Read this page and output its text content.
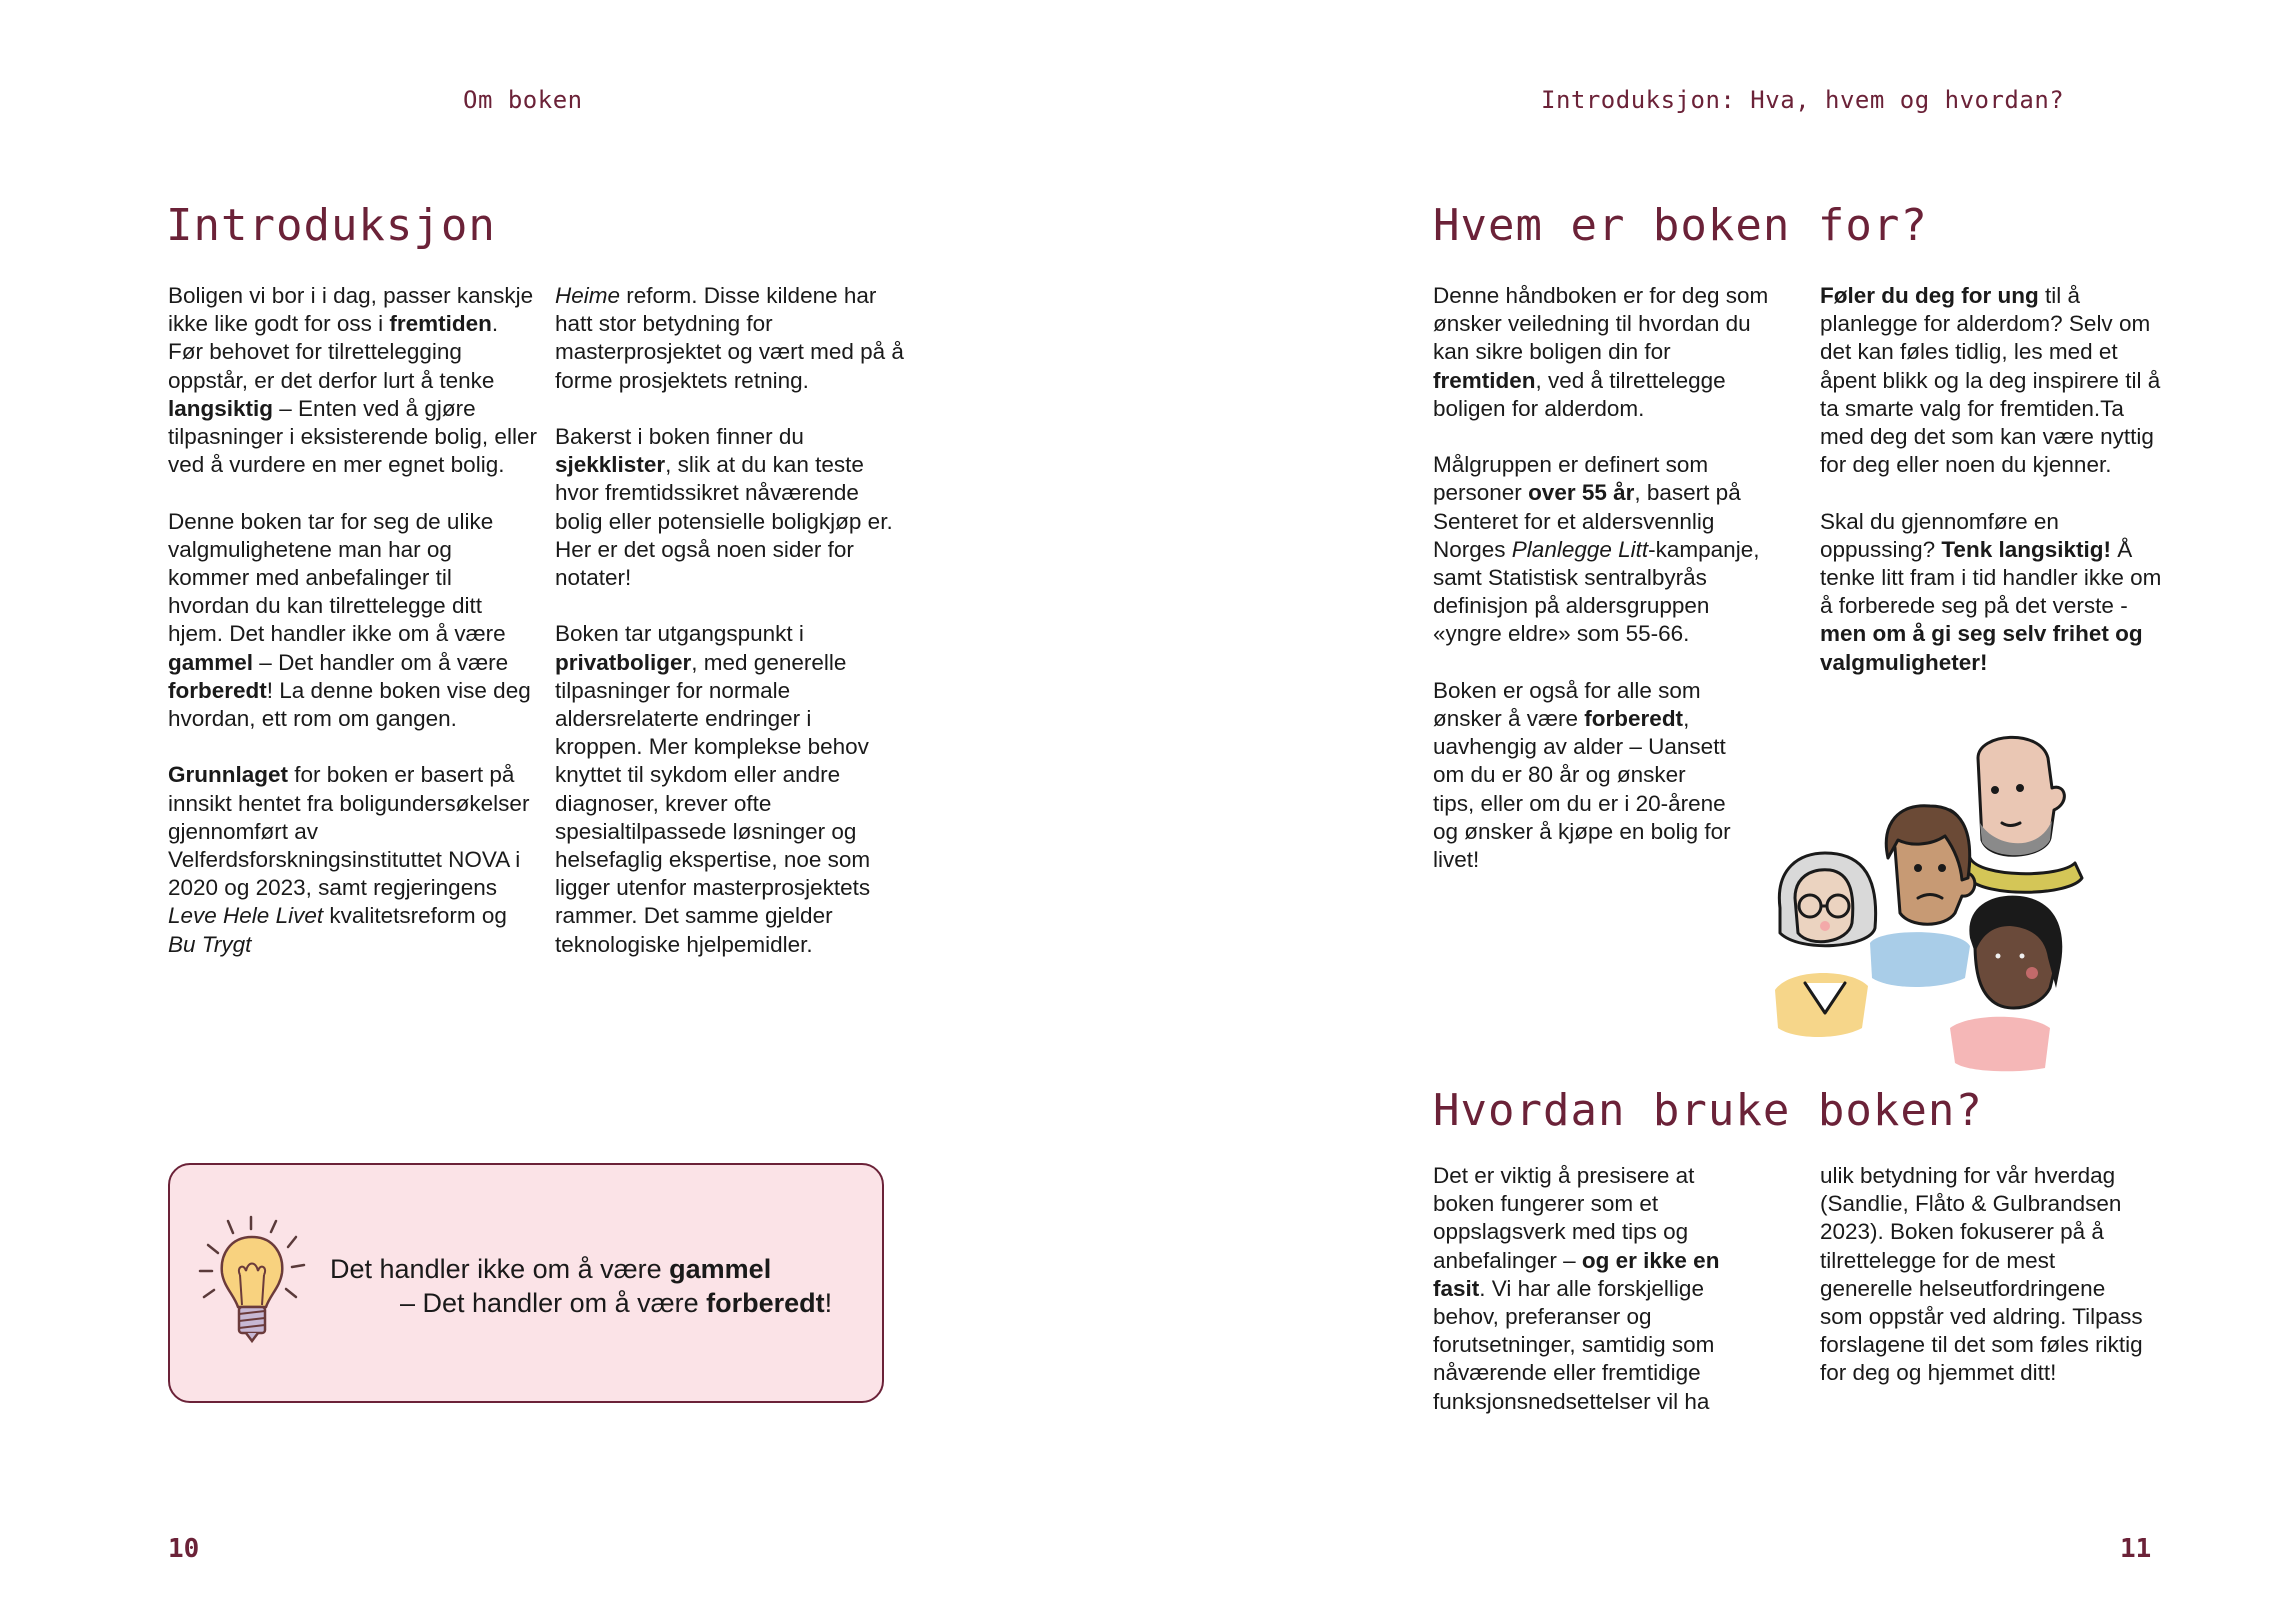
Om boken
Introduksjon

Boligen vi bor i i dag, passer kanskje ikke like godt for oss i fremtiden. Før behovet for tilrettelegging oppstår, er det derfor lurt å tenke langsiktig – Enten ved å gjøre tilpasninger i eksisterende bolig, eller ved å vurdere en mer egnet bolig.

Denne boken tar for seg de ulike valgmulighetene man har og kommer med anbefalinger til hvordan du kan tilrettelegge ditt hjem. Det handler ikke om å være gammel – Det handler om å være forberedt! La denne boken vise deg hvordan, ett rom om gangen.

Grunnlaget for boken er basert på innsikt hentet fra boligundersøkelser gjennomført av Velferdsforskningsinstituttet NOVA i 2020 og 2023, samt regjeringens Leve Hele Livet kvalitetsreform og Bu Trygt

Heime reform. Disse kildene har hatt stor betydning for masterprosjektet og vært med på å forme prosjektets retning.

Bakerst i boken finner du sjekklister, slik at du kan teste hvor fremtidssikret nåværende bolig eller potensielle boligkjøp er. Her er det også noen sider for notater!

Boken tar utgangspunkt i privatboliger, med generelle tilpasninger for normale aldersrelaterte endringer i kroppen. Mer komplekse behov knyttet til sykdom eller andre diagnoser, krever ofte spesialtilpassede løsninger og helsefaglig ekspertise, noe som ligger utenfor masterprosjektets rammer. Det samme gjelder teknologiske hjelpemidler.

Det handler ikke om å være gammel
– Det handler om å være forberedt!
10
Introduksjon: Hva, hvem og hvordan?
Hvem er boken for?

Denne håndboken er for deg som ønsker veiledning til hvordan du kan sikre boligen din for fremtiden, ved å tilrettelegge boligen for alderdom.

Målgruppen er definert som personer over 55 år, basert på Senteret for et aldersvennlig Norges Planlegge Litt-kampanje, samt Statistisk sentralbyrås definisjon på aldersgruppen «yngre eldre» som 55-66.

Boken er også for alle som ønsker å være forberedt, uavhengig av alder – Uansett om du er 80 år og ønsker tips, eller om du er i 20-årene og ønsker å kjøpe en bolig for livet!

Føler du deg for ung til å planlegge for alderdom? Selv om det kan føles tidlig, les med et åpent blikk og la deg inspirere til å ta smarte valg for fremtiden.Ta med deg det som kan være nyttig for deg eller noen du kjenner.

Skal du gjennomføre en oppussing? Tenk langsiktig! Å tenke litt fram i tid handler ikke om å forberede seg på det verste - men om å gi seg selv frihet og valgmuligheter!

Hvordan bruke boken?

Det er viktig å presisere at boken fungerer som et oppslagsverk med tips og anbefalinger – og er ikke en fasit. Vi har alle forskjellige behov, preferanser og forutsetninger, samtidig som nåværende eller fremtidige funksjonsnedsettelser vil ha

ulik betydning for vår hverdag (Sandlie, Flåto & Gulbrandsen 2023). Boken fokuserer på å tilrettelegge for de mest generelle helseutfordringene som oppstår ved aldring. Tilpass forslagene til det som føles riktig for deg og hjemmet ditt!

11
